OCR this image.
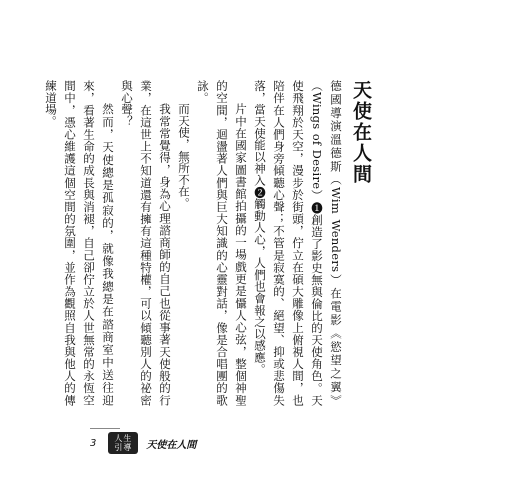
天使在人間

德國導演溫德斯（Wim Wenders）在電影《慾望之翼》（Wings of Desire）❶創造了影史無與倫比的天使角色。天使飛翔於天空，漫步於街頭，佇立在碩大雕像上俯視人間，也陪伴在人們身旁傾聽心聲；不管是寂寞的、絕望、抑或悲傷失落，當天使能以神入❷觸動人心，人們也會報之以感應。

片中在國家圖書館拍攝的一場戲更是懾人心弦，整個神聖的空間，迴盪著人們與巨大知識的心靈對話，像是合唱團的歌詠。

而天使，無所不在。

我常常覺得，身為心理諮商師的自己也從事著天使般的行業，在這世上不知道還有擁有這種特權，可以傾聽別人的祕密與心聲？

然而，天使總是孤寂的，就像我總是在諮商室中送往迎來，看著生命的成長與消褪，自己卻佇立於人世無常的永恆空間中，憑心維護這個空間的氛圍，並作為觀照自我與他人的傳練道場。

3 人生
引導 天使在人間
